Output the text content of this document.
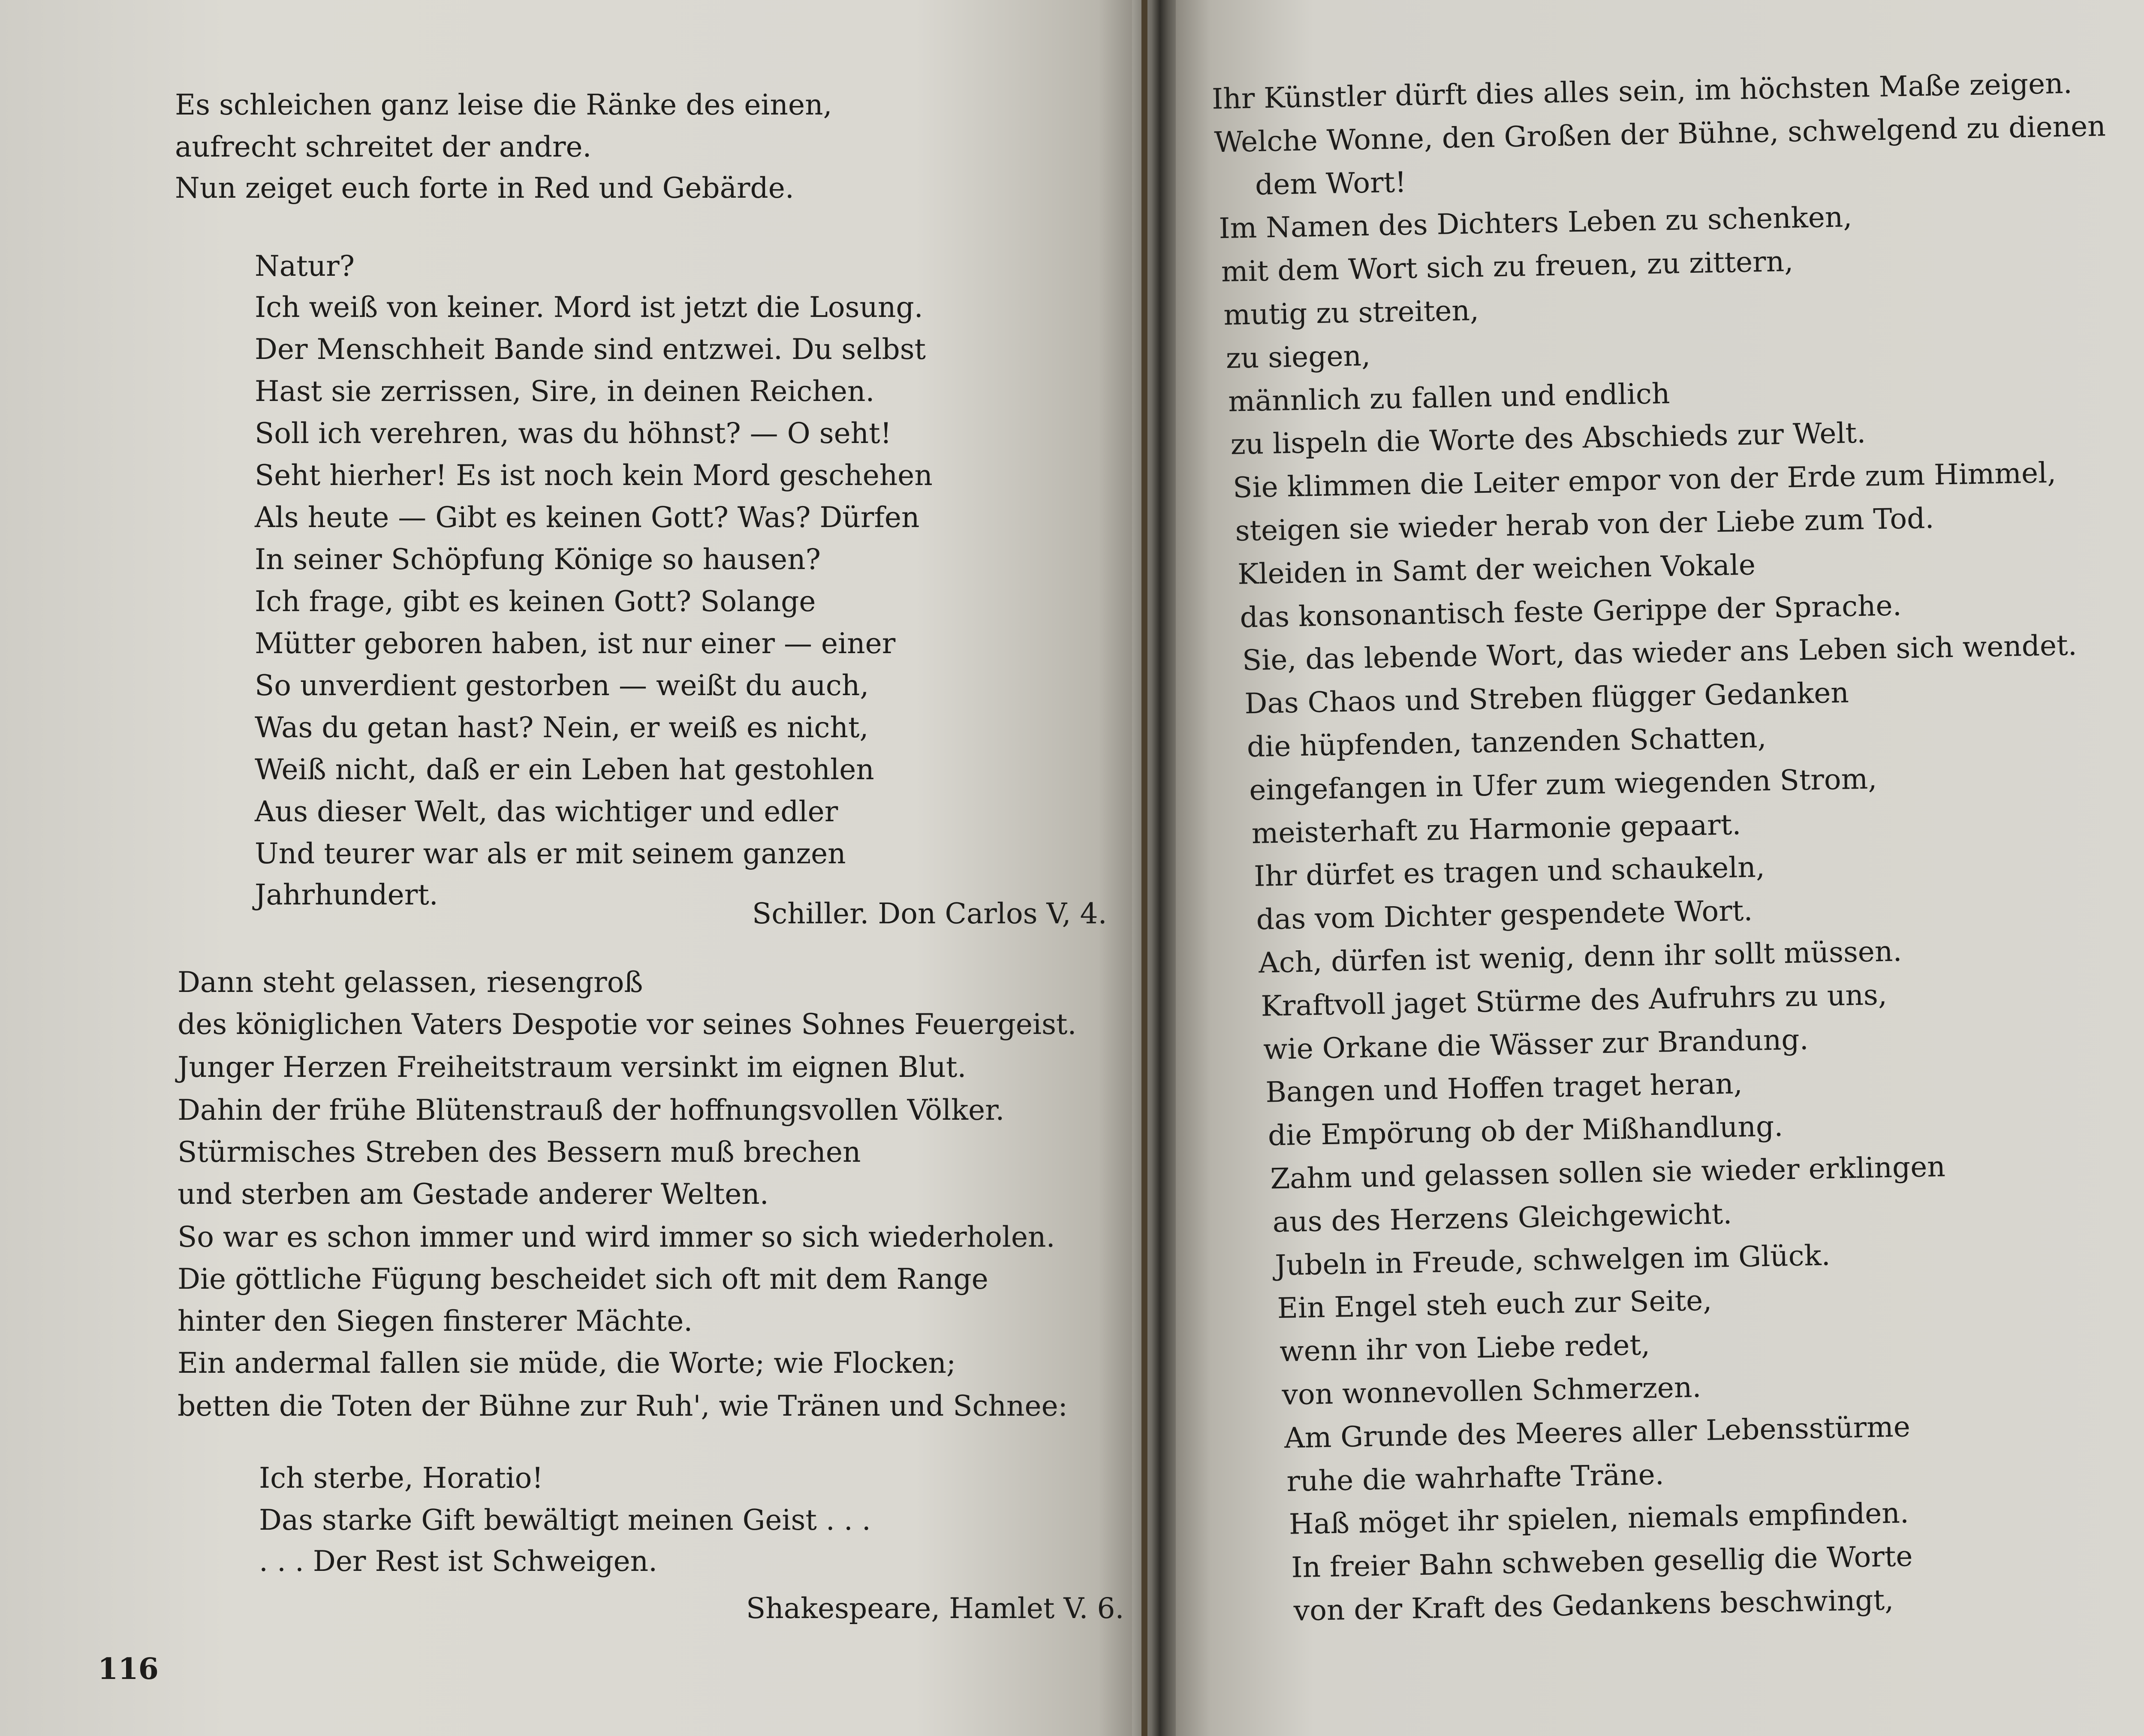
Es schleichen ganz leise die Ränke des einen,
aufrecht schreitet der andre.
Nun zeiget euch forte in Red und Gebärde.
Natur?
Ich weiß von keiner. Mord ist jetzt die Losung.
Der Menschheit Bande sind entzwei. Du selbst
Hast sie zerrissen, Sire, in deinen Reichen.
Soll ich verehren, was du höhnst? — O seht!
Seht hierher! Es ist noch kein Mord geschehen
Als heute — Gibt es keinen Gott? Was? Dürfen
In seiner Schöpfung Könige so hausen?
Ich frage, gibt es keinen Gott? Solange
Mütter geboren haben, ist nur einer — einer
So unverdient gestorben — weißt du auch,
Was du getan hast? Nein, er weiß es nicht,
Weiß nicht, daß er ein Leben hat gestohlen
Aus dieser Welt, das wichtiger und edler
Und teurer war als er mit seinem ganzen
Jahrhundert.
Schiller. Don Carlos V, 4.
Dann steht gelassen, riesengroß
des königlichen Vaters Despotie vor seines Sohnes Feuergeist.
Junger Herzen Freiheitstraum versinkt im eignen Blut.
Dahin der frühe Blütenstrauß der hoffnungsvollen Völker.
Stürmisches Streben des Bessern muß brechen
und sterben am Gestade anderer Welten.
So war es schon immer und wird immer so sich wiederholen.
Die göttliche Fügung bescheidet sich oft mit dem Range
hinter den Siegen finsterer Mächte.
Ein andermal fallen sie müde, die Worte; wie Flocken;
betten die Toten der Bühne zur Ruh', wie Tränen und Schnee:
Ich sterbe, Horatio!
Das starke Gift bewältigt meinen Geist . . .
. . . Der Rest ist Schweigen.
Shakespeare, Hamlet V. 6.
116
Ihr Künstler dürft dies alles sein, im höchsten Maße zeigen.
Welche Wonne, den Großen der Bühne, schwelgend zu dienen
dem Wort!
Im Namen des Dichters Leben zu schenken,
mit dem Wort sich zu freuen, zu zittern,
mutig zu streiten,
zu siegen,
männlich zu fallen und endlich
zu lispeln die Worte des Abschieds zur Welt.
Sie klimmen die Leiter empor von der Erde zum Himmel,
steigen sie wieder herab von der Liebe zum Tod.
Kleiden in Samt der weichen Vokale
das konsonantisch feste Gerippe der Sprache.
Sie, das lebende Wort, das wieder ans Leben sich wendet.
Das Chaos und Streben flügger Gedanken
die hüpfenden, tanzenden Schatten,
eingefangen in Ufer zum wiegenden Strom,
meisterhaft zu Harmonie gepaart.
Ihr dürfet es tragen und schaukeln,
das vom Dichter gespendete Wort.
Ach, dürfen ist wenig, denn ihr sollt müssen.
Kraftvoll jaget Stürme des Aufruhrs zu uns,
wie Orkane die Wässer zur Brandung.
Bangen und Hoffen traget heran,
die Empörung ob der Mißhandlung.
Zahm und gelassen sollen sie wieder erklingen
aus des Herzens Gleichgewicht.
Jubeln in Freude, schwelgen im Glück.
Ein Engel steh euch zur Seite,
wenn ihr von Liebe redet,
von wonnevollen Schmerzen.
Am Grunde des Meeres aller Lebensstürme
ruhe die wahrhafte Träne.
Haß möget ihr spielen, niemals empfinden.
In freier Bahn schweben gesellig die Worte
von der Kraft des Gedankens beschwingt,
